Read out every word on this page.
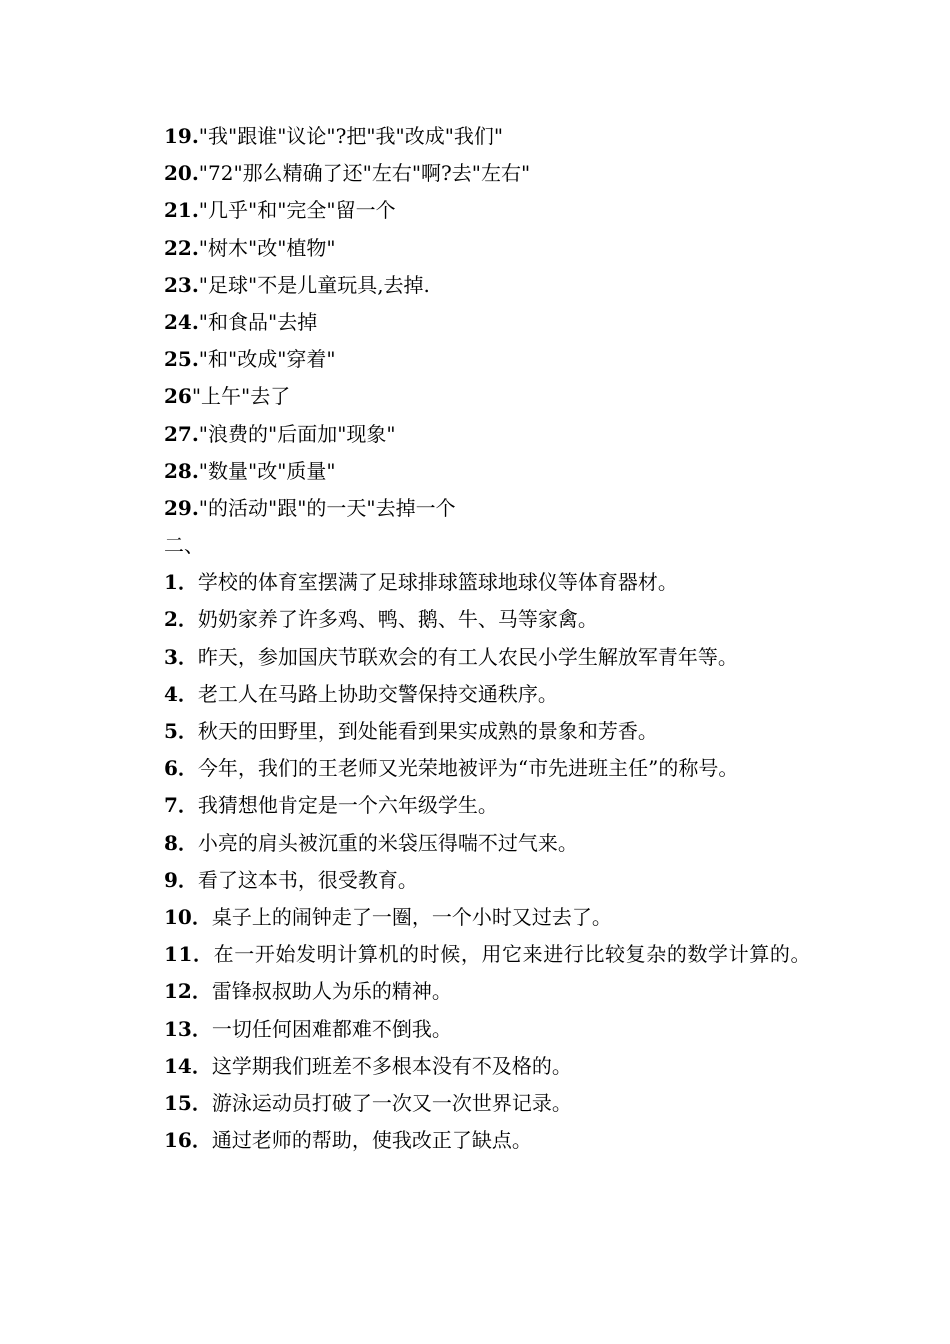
19."我"跟谁"议论"?把"我"改成"我们"
20."72"那么精确了还"左右"啊?去"左右"
21."几乎"和"完全"留一个
22."树木"改"植物"
23."足球"不是儿童玩具,去掉.
24."和食品"去掉
25."和"改成"穿着"
26"上午"去了
27."浪费的"后面加"现象"
28."数量"改"质量"
29."的活动"跟"的一天"去掉一个
二、
1．学校的体育室摆满了足球排球篮球地球仪等体育器材。
2．奶奶家养了许多鸡、鸭、鹅、牛、马等家禽。
3．昨天，参加国庆节联欢会的有工人农民小学生解放军青年等。
4．老工人在马路上协助交警保持交通秩序。
5．秋天的田野里，到处能看到果实成熟的景象和芳香。
6．今年，我们的王老师又光荣地被评为“市先进班主任”的称号。
7．我猜想他肯定是一个六年级学生。
8．小亮的肩头被沉重的米袋压得喘不过气来。
9．看了这本书，很受教育。
10．桌子上的闹钟走了一圈，一个小时又过去了。
11．在一开始发明计算机的时候，用它来进行比较复杂的数学计算的。
12．雷锋叔叔助人为乐的精神。
13．一切任何困难都难不倒我。
14．这学期我们班差不多根本没有不及格的。
15．游泳运动员打破了一次又一次世界记录。
16．通过老师的帮助，使我改正了缺点。
